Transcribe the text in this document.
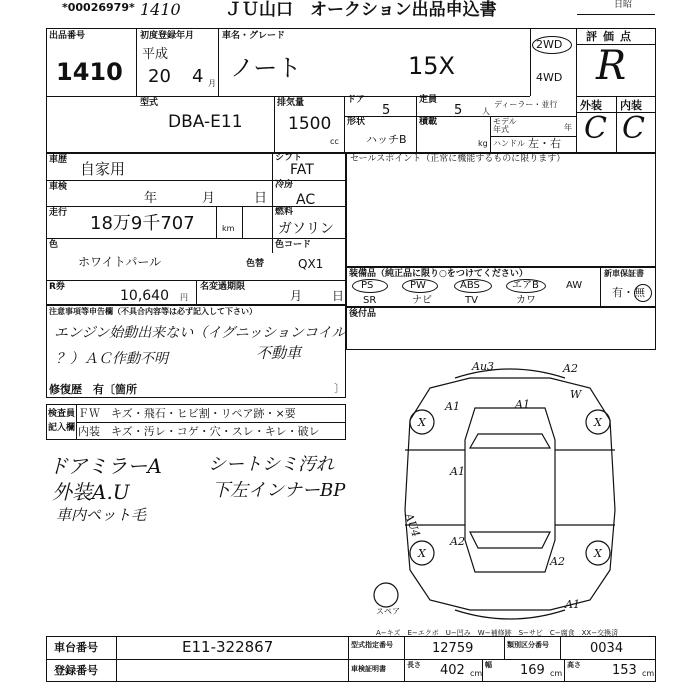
*00026979* 1410	ＪＵ山口　オークション出品申込書	日昭
出品番号
1410
初度登録年月
平成
20 4 月
車名・グレード
ノート	15X
2WD
4WD
評価点
R
外装 内装
C C
型式
DBA-E11
排気量
1500
cc
ドア
5
定員
5 人
ディーラー・並行
形状
ハッチB
積載
kg
モデル年式	年
ハンドル 左・右
車歴 自家用
シフト
FAT
車検
年	月	日
冷房
AC
走行 18万9千707	km
燃料
ガソリン
色
ホワイトパール	色替
色コード
QX1
R券
10,640 円
名変過期限
月 日
セールスポイント（正常に機能するものに限ります）
装備品（純正品に限り○をつけてください）	新車保証書
PS	PW	ABS	エアB	AW
SR	ナビ	TV	カワ
有・無
後付品
注意事項等申告欄（不具合内容等は必ず記入して下さい）
エンジン始動出来ない（イグニッションコイル
？）ＡＣ作動不明	不動車
修復歴　有〔箇所	〕
検査員
記入欄
ＦＷ　キズ・飛石・ヒビ割・リペア跡・×要
内装　キズ・汚レ・コゲ・穴・スレ・キレ・破レ
ドアミラーA
外装A.U
車内ペット毛
シートシミ汚れ
下左インナーBP
Au3	A2
A1	A1
W
A1
A2
A2
AU4
A1
X	X
X	X
スペア
A−キズ　E−エクボ　U−凹み　W−補修跡　S−サビ　C−腐食　XX−交換済
車台番号	E11-322867
登録番号
型式指定番号	12759	類別区分番号	0034
車検証明書	長さ 402 cm
幅 169 cm
高さ 153 cm
